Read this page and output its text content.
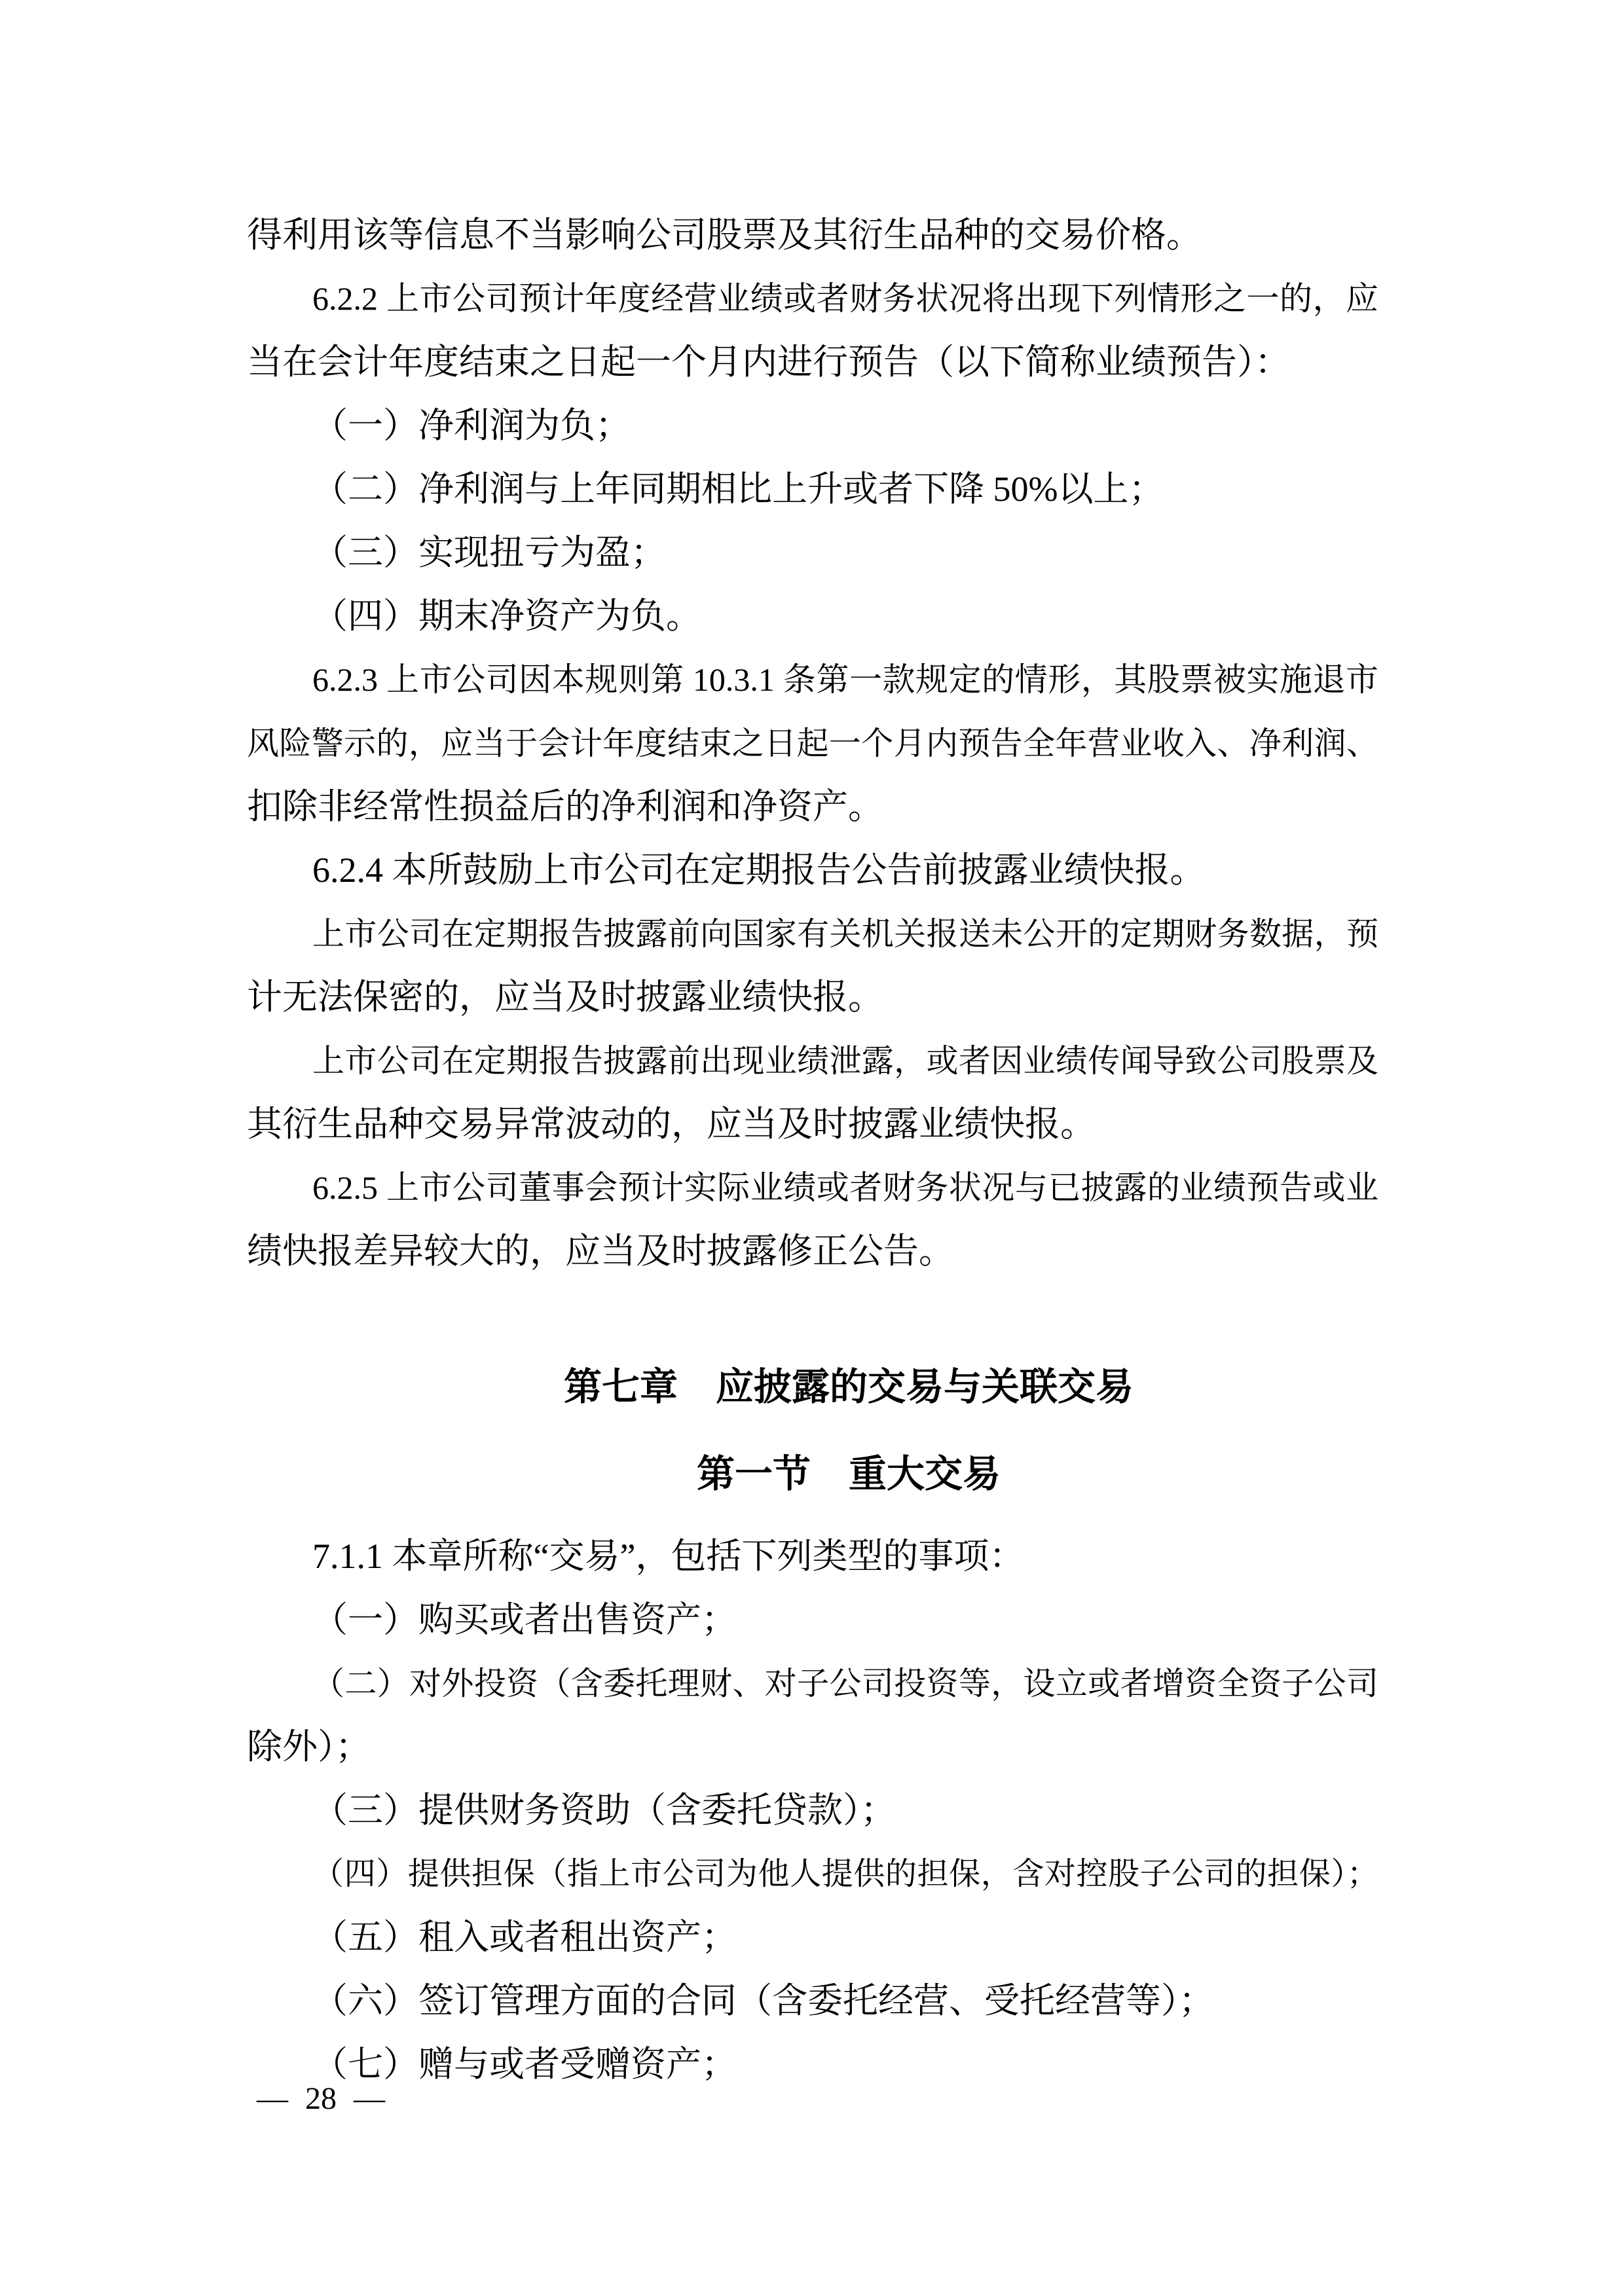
得利用该等信息不当影响公司股票及其衍生品种的交易价格。
6.2.2 上市公司预计年度经营业绩或者财务状况将出现下列情形之一的，应
当在会计年度结束之日起一个月内进行预告（以下简称业绩预告）：
（一）净利润为负；
（二）净利润与上年同期相比上升或者下降 50%以上；
（三）实现扭亏为盈；
（四）期末净资产为负。
6.2.3 上市公司因本规则第 10.3.1 条第一款规定的情形，其股票被实施退市
风险警示的，应当于会计年度结束之日起一个月内预告全年营业收入、净利润、
扣除非经常性损益后的净利润和净资产。
6.2.4 本所鼓励上市公司在定期报告公告前披露业绩快报。
上市公司在定期报告披露前向国家有关机关报送未公开的定期财务数据，预
计无法保密的，应当及时披露业绩快报。
上市公司在定期报告披露前出现业绩泄露，或者因业绩传闻导致公司股票及
其衍生品种交易异常波动的，应当及时披露业绩快报。
6.2.5 上市公司董事会预计实际业绩或者财务状况与已披露的业绩预告或业
绩快报差异较大的，应当及时披露修正公告。
第七章　应披露的交易与关联交易
第一节　重大交易
7.1.1 本章所称“交易”，包括下列类型的事项：
（一）购买或者出售资产；
（二）对外投资（含委托理财、对子公司投资等，设立或者增资全资子公司
除外）；
（三）提供财务资助（含委托贷款）；
（四）提供担保（指上市公司为他人提供的担保，含对控股子公司的担保）；
（五）租入或者租出资产；
（六）签订管理方面的合同（含委托经营、受托经营等）；
（七）赠与或者受赠资产；
— 28 —
